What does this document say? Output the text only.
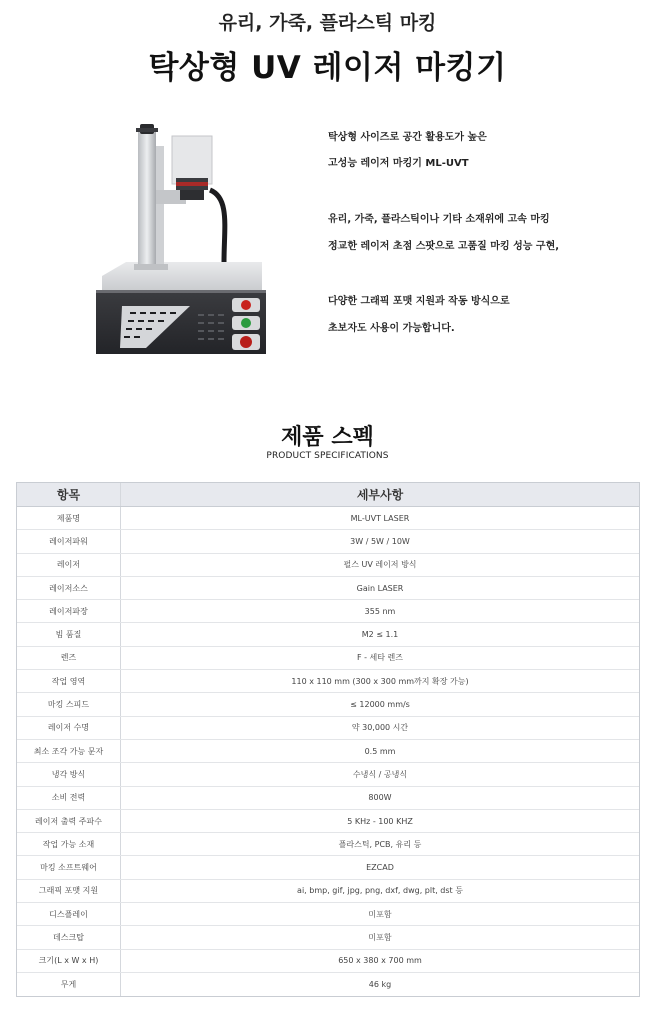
유리, 가죽, 플라스틱 마킹
탁상형 UV 레이저 마킹기
탁상형 사이즈로 공간 활용도가 높은
고성능 레이저 마킹기 ML-UVT
유리, 가죽, 플라스틱이나 기타 소재위에 고속 마킹
정교한 레이저 초점 스팟으로 고품질 마킹 성능 구현,
다양한 그래픽 포맷 지원과 작동 방식으로
초보자도 사용이 가능합니다.
제품 스펙
PRODUCT SPECIFICATIONS
항목	세부사항
제품명	ML-UVT LASER
레이저파워	3W / 5W / 10W
레이저	펄스 UV 레이저 방식
레이저소스	Gain LASER
레이저파장	355 nm
빔 품질	M2 ≤ 1.1
렌즈	F - 세타 렌즈
작업 영역	110 x 110 mm (300 x 300 mm까지 확장 가능)
마킹 스피드	≤ 12000 mm/s
레이저 수명	약 30,000 시간
최소 조각 가능 문자	0.5 mm
냉각 방식	수냉식 / 공냉식
소비 전력	800W
레이저 출력 주파수	5 KHz - 100 KHZ
작업 가능 소재	플라스틱, PCB, 유리 등
마킹 소프트웨어	EZCAD
그래픽 포맷 지원	ai, bmp, gif, jpg, png, dxf, dwg, plt, dst 등
디스플레이	미포함
데스크탑	미포함
크기(L x W x H)	650 x 380 x 700 mm
무게	46 kg
